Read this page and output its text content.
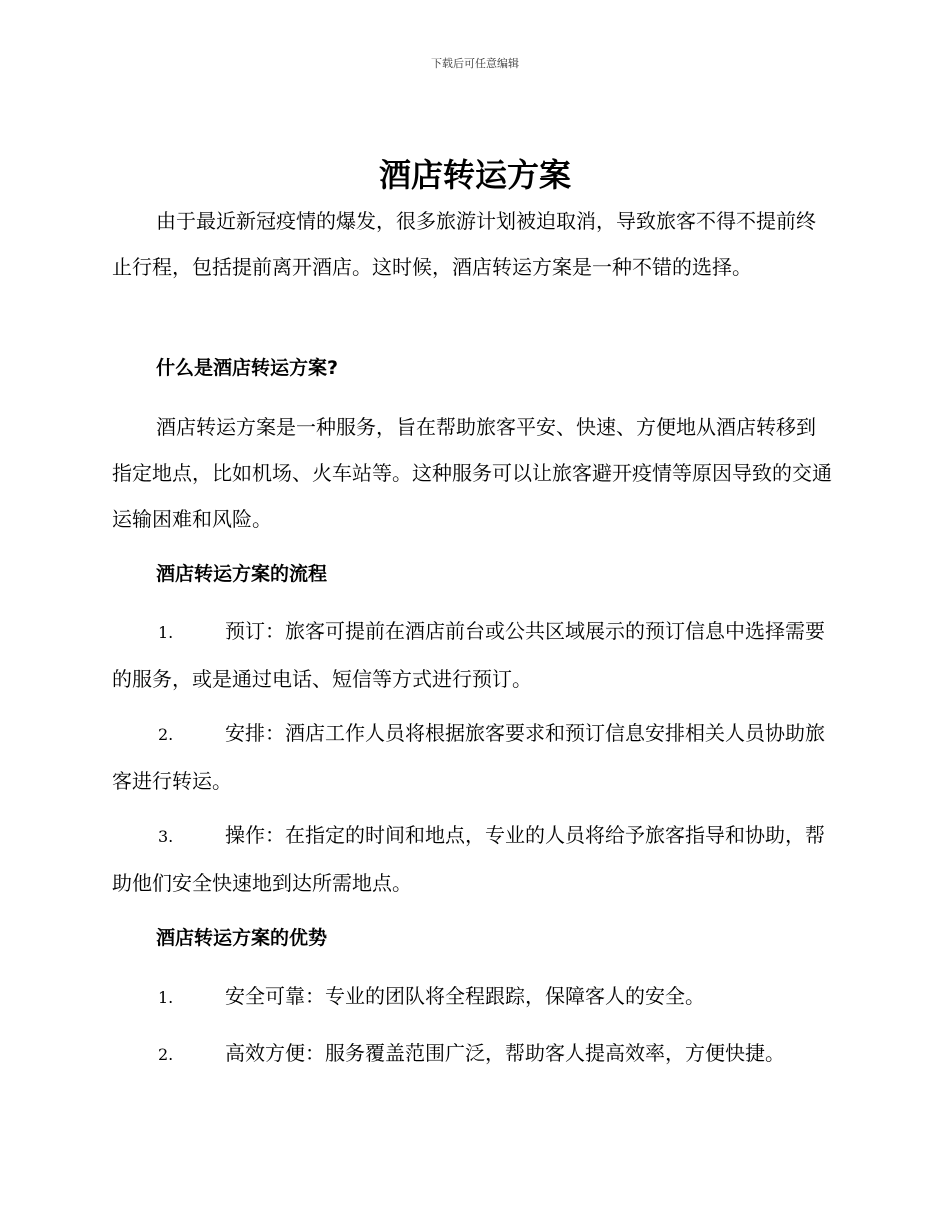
下载后可任意编辑
酒店转运方案

由于最近新冠疫情的爆发，很多旅游计划被迫取消，导致旅客不得不提前终止行程，包括提前离开酒店。这时候，酒店转运方案是一种不错的选择。

什么是酒店转运方案?

酒店转运方案是一种服务，旨在帮助旅客平安、快速、方便地从酒店转移到指定地点，比如机场、火车站等。这种服务可以让旅客避开疫情等原因导致的交通运输困难和风险。

酒店转运方案的流程

1.	预订：旅客可提前在酒店前台或公共区域展示的预订信息中选择需要的服务，或是通过电话、短信等方式进行预订。

2.	安排：酒店工作人员将根据旅客要求和预订信息安排相关人员协助旅客进行转运。

3.	操作：在指定的时间和地点，专业的人员将给予旅客指导和协助，帮助他们安全快速地到达所需地点。

酒店转运方案的优势

1.	安全可靠：专业的团队将全程跟踪，保障客人的安全。

2.	高效方便：服务覆盖范围广泛，帮助客人提高效率，方便快捷。
